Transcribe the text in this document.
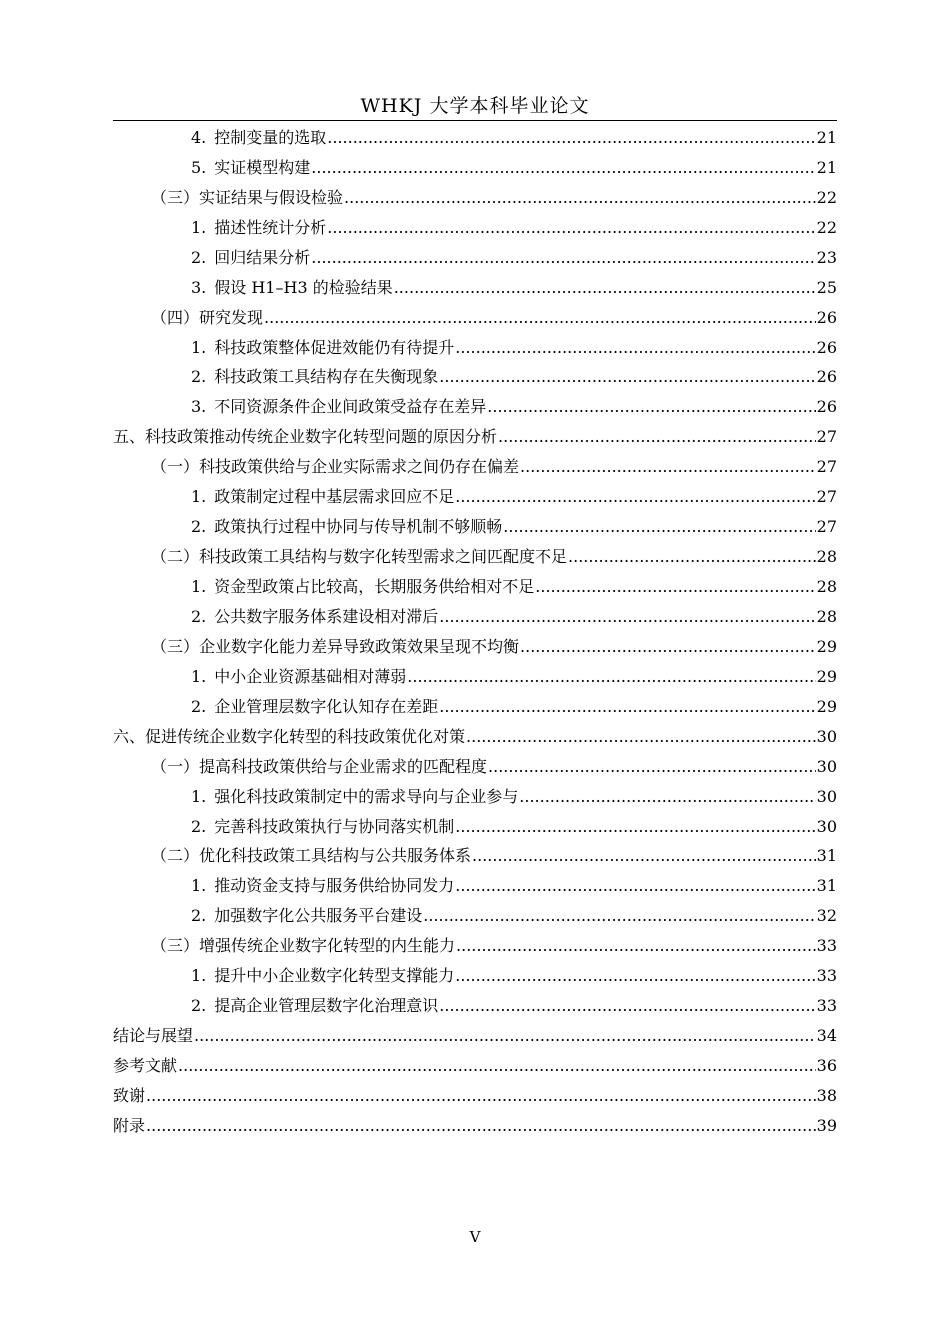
WHKJ 大学本科毕业论文
4. 控制变量的选取 .....	21
5. 实证模型构建 .....	21
（三）实证结果与假设检验 .....	22
1. 描述性统计分析 .....	22
2. 回归结果分析 .....	23
3. 假设 H1–H3 的检验结果 .....	25
（四）研究发现 .....	26
1. 科技政策整体促进效能仍有待提升 .....	26
2. 科技政策工具结构存在失衡现象 .....	26
3. 不同资源条件企业间政策受益存在差异 .....	26
五、科技政策推动传统企业数字化转型问题的原因分析 .....	27
（一）科技政策供给与企业实际需求之间仍存在偏差 .....	27
1. 政策制定过程中基层需求回应不足 .....	27
2. 政策执行过程中协同与传导机制不够顺畅 .....	27
（二）科技政策工具结构与数字化转型需求之间匹配度不足 .....	28
1. 资金型政策占比较高，长期服务供给相对不足 .....	28
2. 公共数字服务体系建设相对滞后 .....	28
（三）企业数字化能力差异导致政策效果呈现不均衡 .....	29
1. 中小企业资源基础相对薄弱 .....	29
2. 企业管理层数字化认知存在差距 .....	29
六、促进传统企业数字化转型的科技政策优化对策 .....	30
（一）提高科技政策供给与企业需求的匹配程度 .....	30
1. 强化科技政策制定中的需求导向与企业参与 .....	30
2. 完善科技政策执行与协同落实机制 .....	30
（二）优化科技政策工具结构与公共服务体系 .....	31
1. 推动资金支持与服务供给协同发力 .....	31
2. 加强数字化公共服务平台建设 .....	32
（三）增强传统企业数字化转型的内生能力 .....	33
1. 提升中小企业数字化转型支撑能力 .....	33
2. 提高企业管理层数字化治理意识 .....	33
结论与展望 .....	34
参考文献 .....	36
致谢 .....	38
附录 .....	39
V
